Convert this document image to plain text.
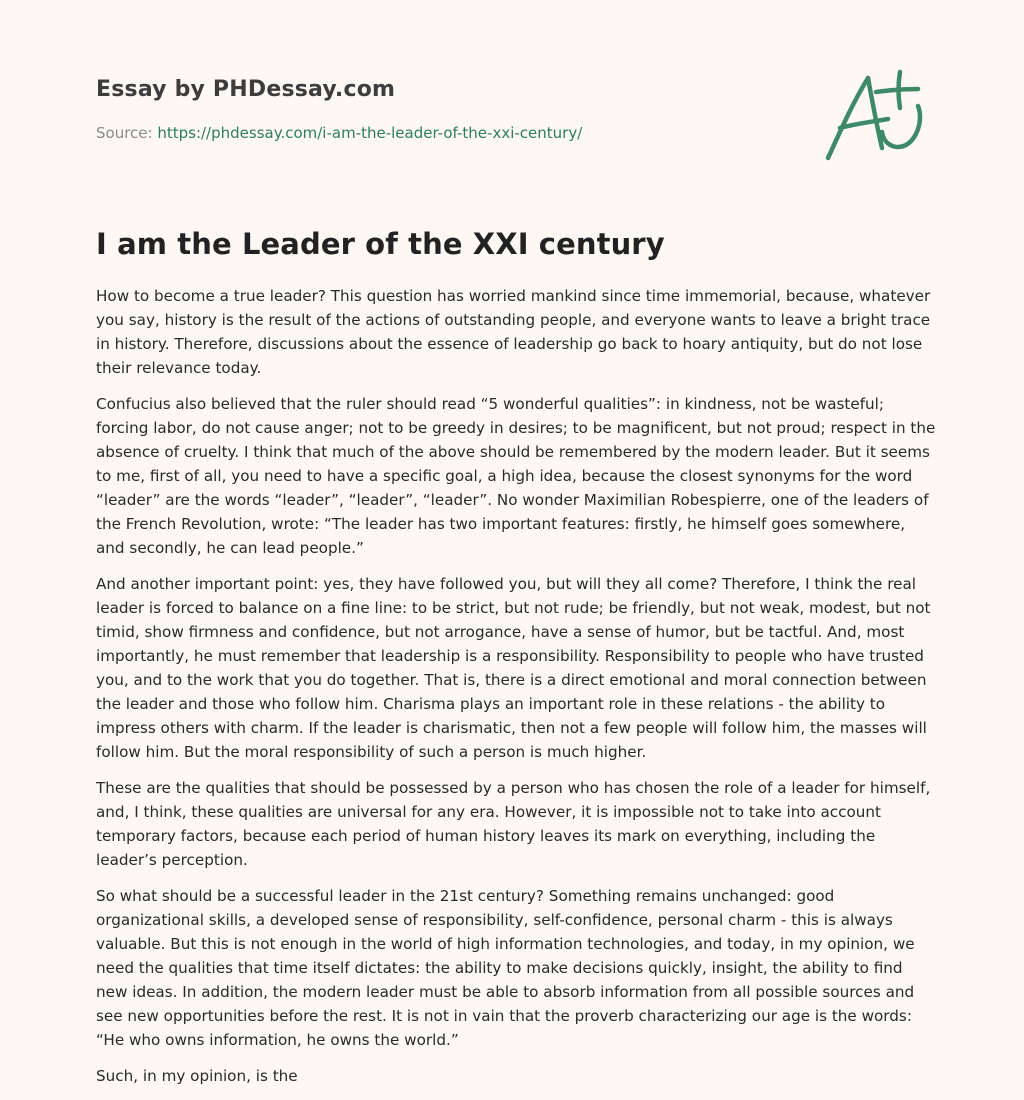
Essay by PHDessay.com
Source: https://phdessay.com/i-am-the-leader-of-the-xxi-century/
I am the Leader of the XXI century

How to become a true leader? This question has worried mankind since time immemorial, because, whatever you say, history is the result of the actions of outstanding people, and everyone wants to leave a bright trace in history. Therefore, discussions about the essence of leadership go back to hoary antiquity, but do not lose their relevance today.

Confucius also believed that the ruler should read “5 wonderful qualities”: in kindness, not be wasteful; forcing labor, do not cause anger; not to be greedy in desires; to be magnificent, but not proud; respect in the absence of cruelty. I think that much of the above should be remembered by the modern leader. But it seems to me, first of all, you need to have a specific goal, a high idea, because the closest synonyms for the word “leader” are the words “leader”, “leader”, “leader”. No wonder Maximilian Robespierre, one of the leaders of the French Revolution, wrote: “The leader has two important features: firstly, he himself goes somewhere, and secondly, he can lead people.”

And another important point: yes, they have followed you, but will they all come? Therefore, I think the real leader is forced to balance on a fine line: to be strict, but not rude; be friendly, but not weak, modest, but not timid, show firmness and confidence, but not arrogance, have a sense of humor, but be tactful. And, most importantly, he must remember that leadership is a responsibility. Responsibility to people who have trusted you, and to the work that you do together. That is, there is a direct emotional and moral connection between the leader and those who follow him. Charisma plays an important role in these relations - the ability to impress others with charm. If the leader is charismatic, then not a few people will follow him, the masses will follow him. But the moral responsibility of such a person is much higher.

These are the qualities that should be possessed by a person who has chosen the role of a leader for himself, and, I think, these qualities are universal for any era. However, it is impossible not to take into account temporary factors, because each period of human history leaves its mark on everything, including the leader’s perception.

So what should be a successful leader in the 21st century? Something remains unchanged: good organizational skills, a developed sense of responsibility, self-confidence, personal charm - this is always valuable. But this is not enough in the world of high information technologies, and today, in my opinion, we need the qualities that time itself dictates: the ability to make decisions quickly, insight, the ability to find new ideas. In addition, the modern leader must be able to absorb information from all possible sources and see new opportunities before the rest. It is not in vain that the proverb characterizing our age is the words: “He who owns information, he owns the world.”

Such, in my opinion, is the
